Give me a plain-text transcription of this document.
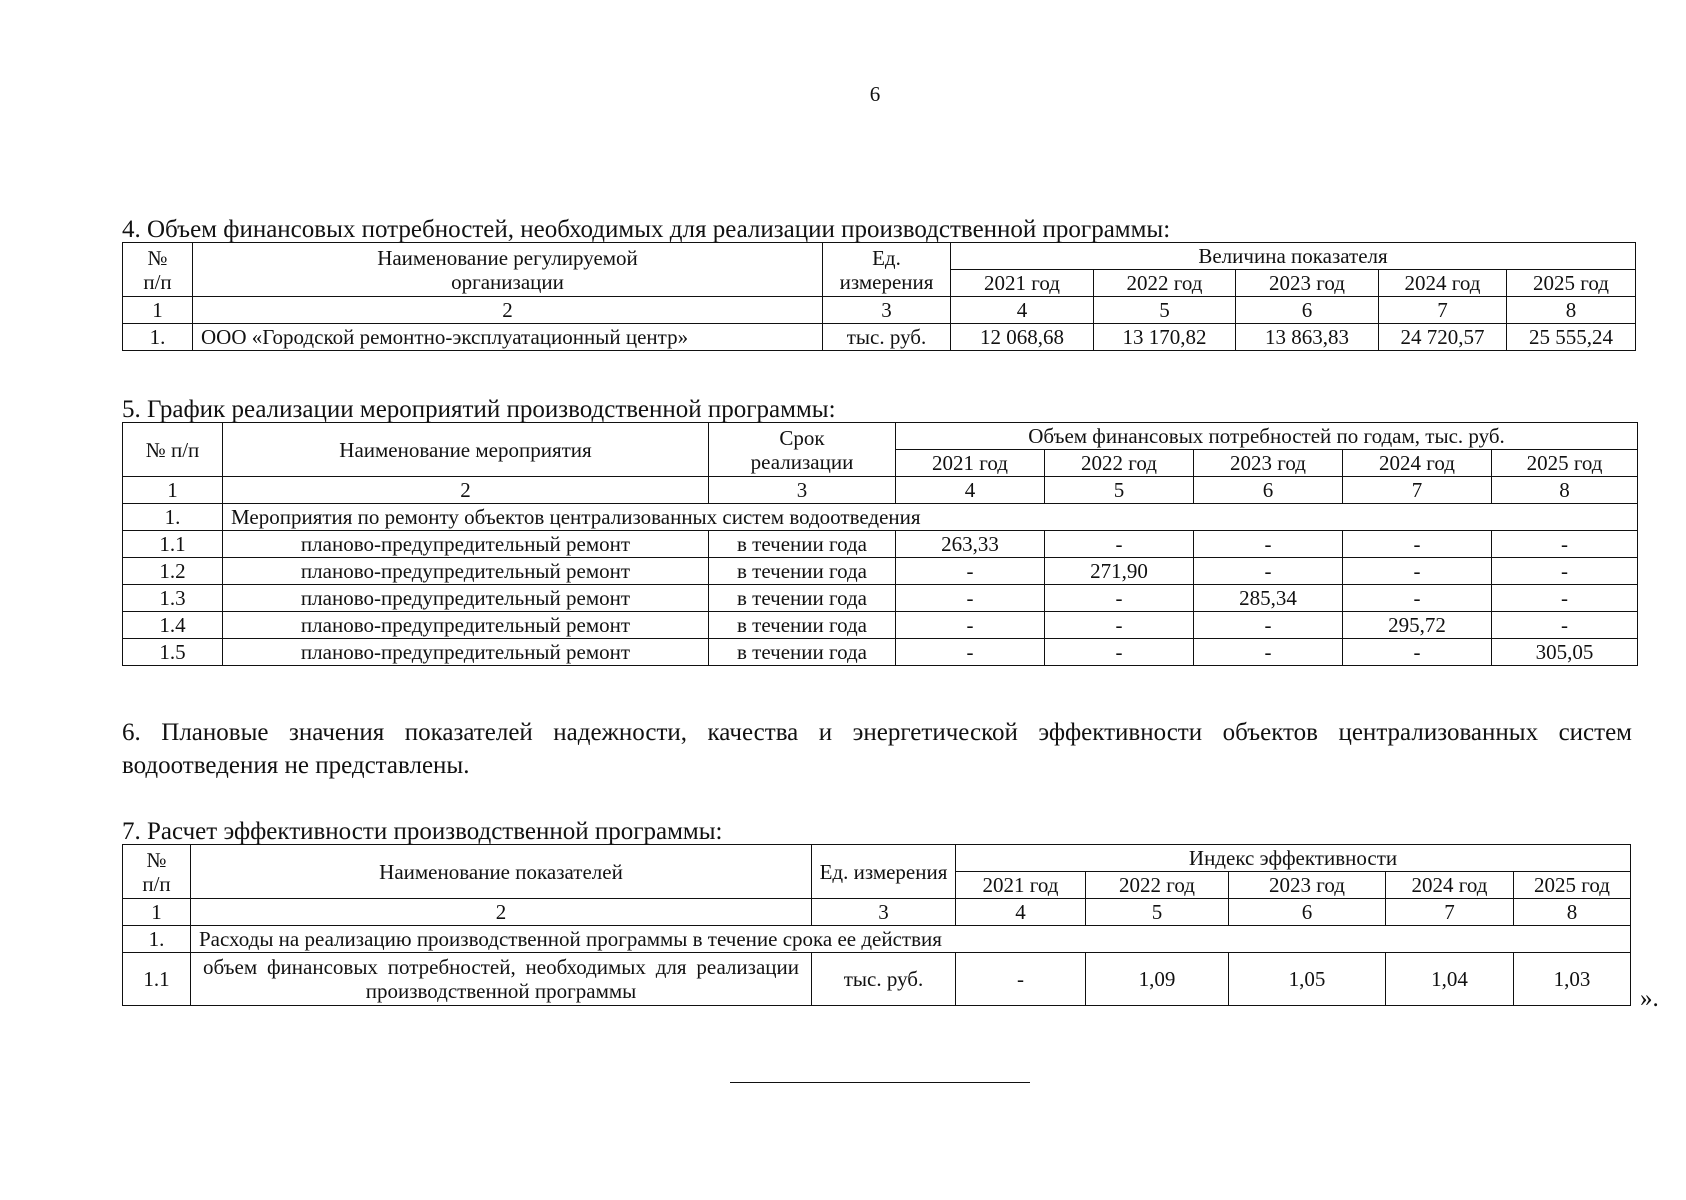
6
4. Объем финансовых потребностей, необходимых для реализации производственной программы:
№ п/п	Наименование регулируемой организации	Ед. измерения	Величина показателя				
			2021 год	2022 год	2023 год	2024 год	2025 год
1	2	3	4	5	6	7	8
1.	ООО «Городской ремонтно-эксплуатационный центр»	тыс. руб.	12 068,68	13 170,82	13 863,83	24 720,57	25 555,24
5. График реализации мероприятий производственной программы:
№ п/п	Наименование мероприятия	Срок реализации	Объем финансовых потребностей по годам, тыс. руб.				
			2021 год	2022 год	2023 год	2024 год	2025 год
1	2	3	4	5	6	7	8
1.	Мероприятия по ремонту объектов централизованных систем водоотведения						
1.1	планово-предупредительный ремонт	в течении года	263,33	-	-	-	-
1.2	планово-предупредительный ремонт	в течении года	-	271,90	-	-	-
1.3	планово-предупредительный ремонт	в течении года	-	-	285,34	-	-
1.4	планово-предупредительный ремонт	в течении года	-	-	-	295,72	-
1.5	планово-предупредительный ремонт	в течении года	-	-	-	-	305,05
6. Плановые значения показателей надежности, качества и энергетической эффективности объектов централизованных систем водоотведения не представлены.
7. Расчет эффективности производственной программы:
№ п/п	Наименование показателей	Ед. измерения	Индекс эффективности				
			2021 год	2022 год	2023 год	2024 год	2025 год
1	2	3	4	5	6	7	8
1.	Расходы на реализацию производственной программы в течение срока ее действия						
1.1	объем финансовых потребностей, необходимых для реализации производственной программы	тыс. руб.	-	1,09	1,05	1,04	1,03
».
